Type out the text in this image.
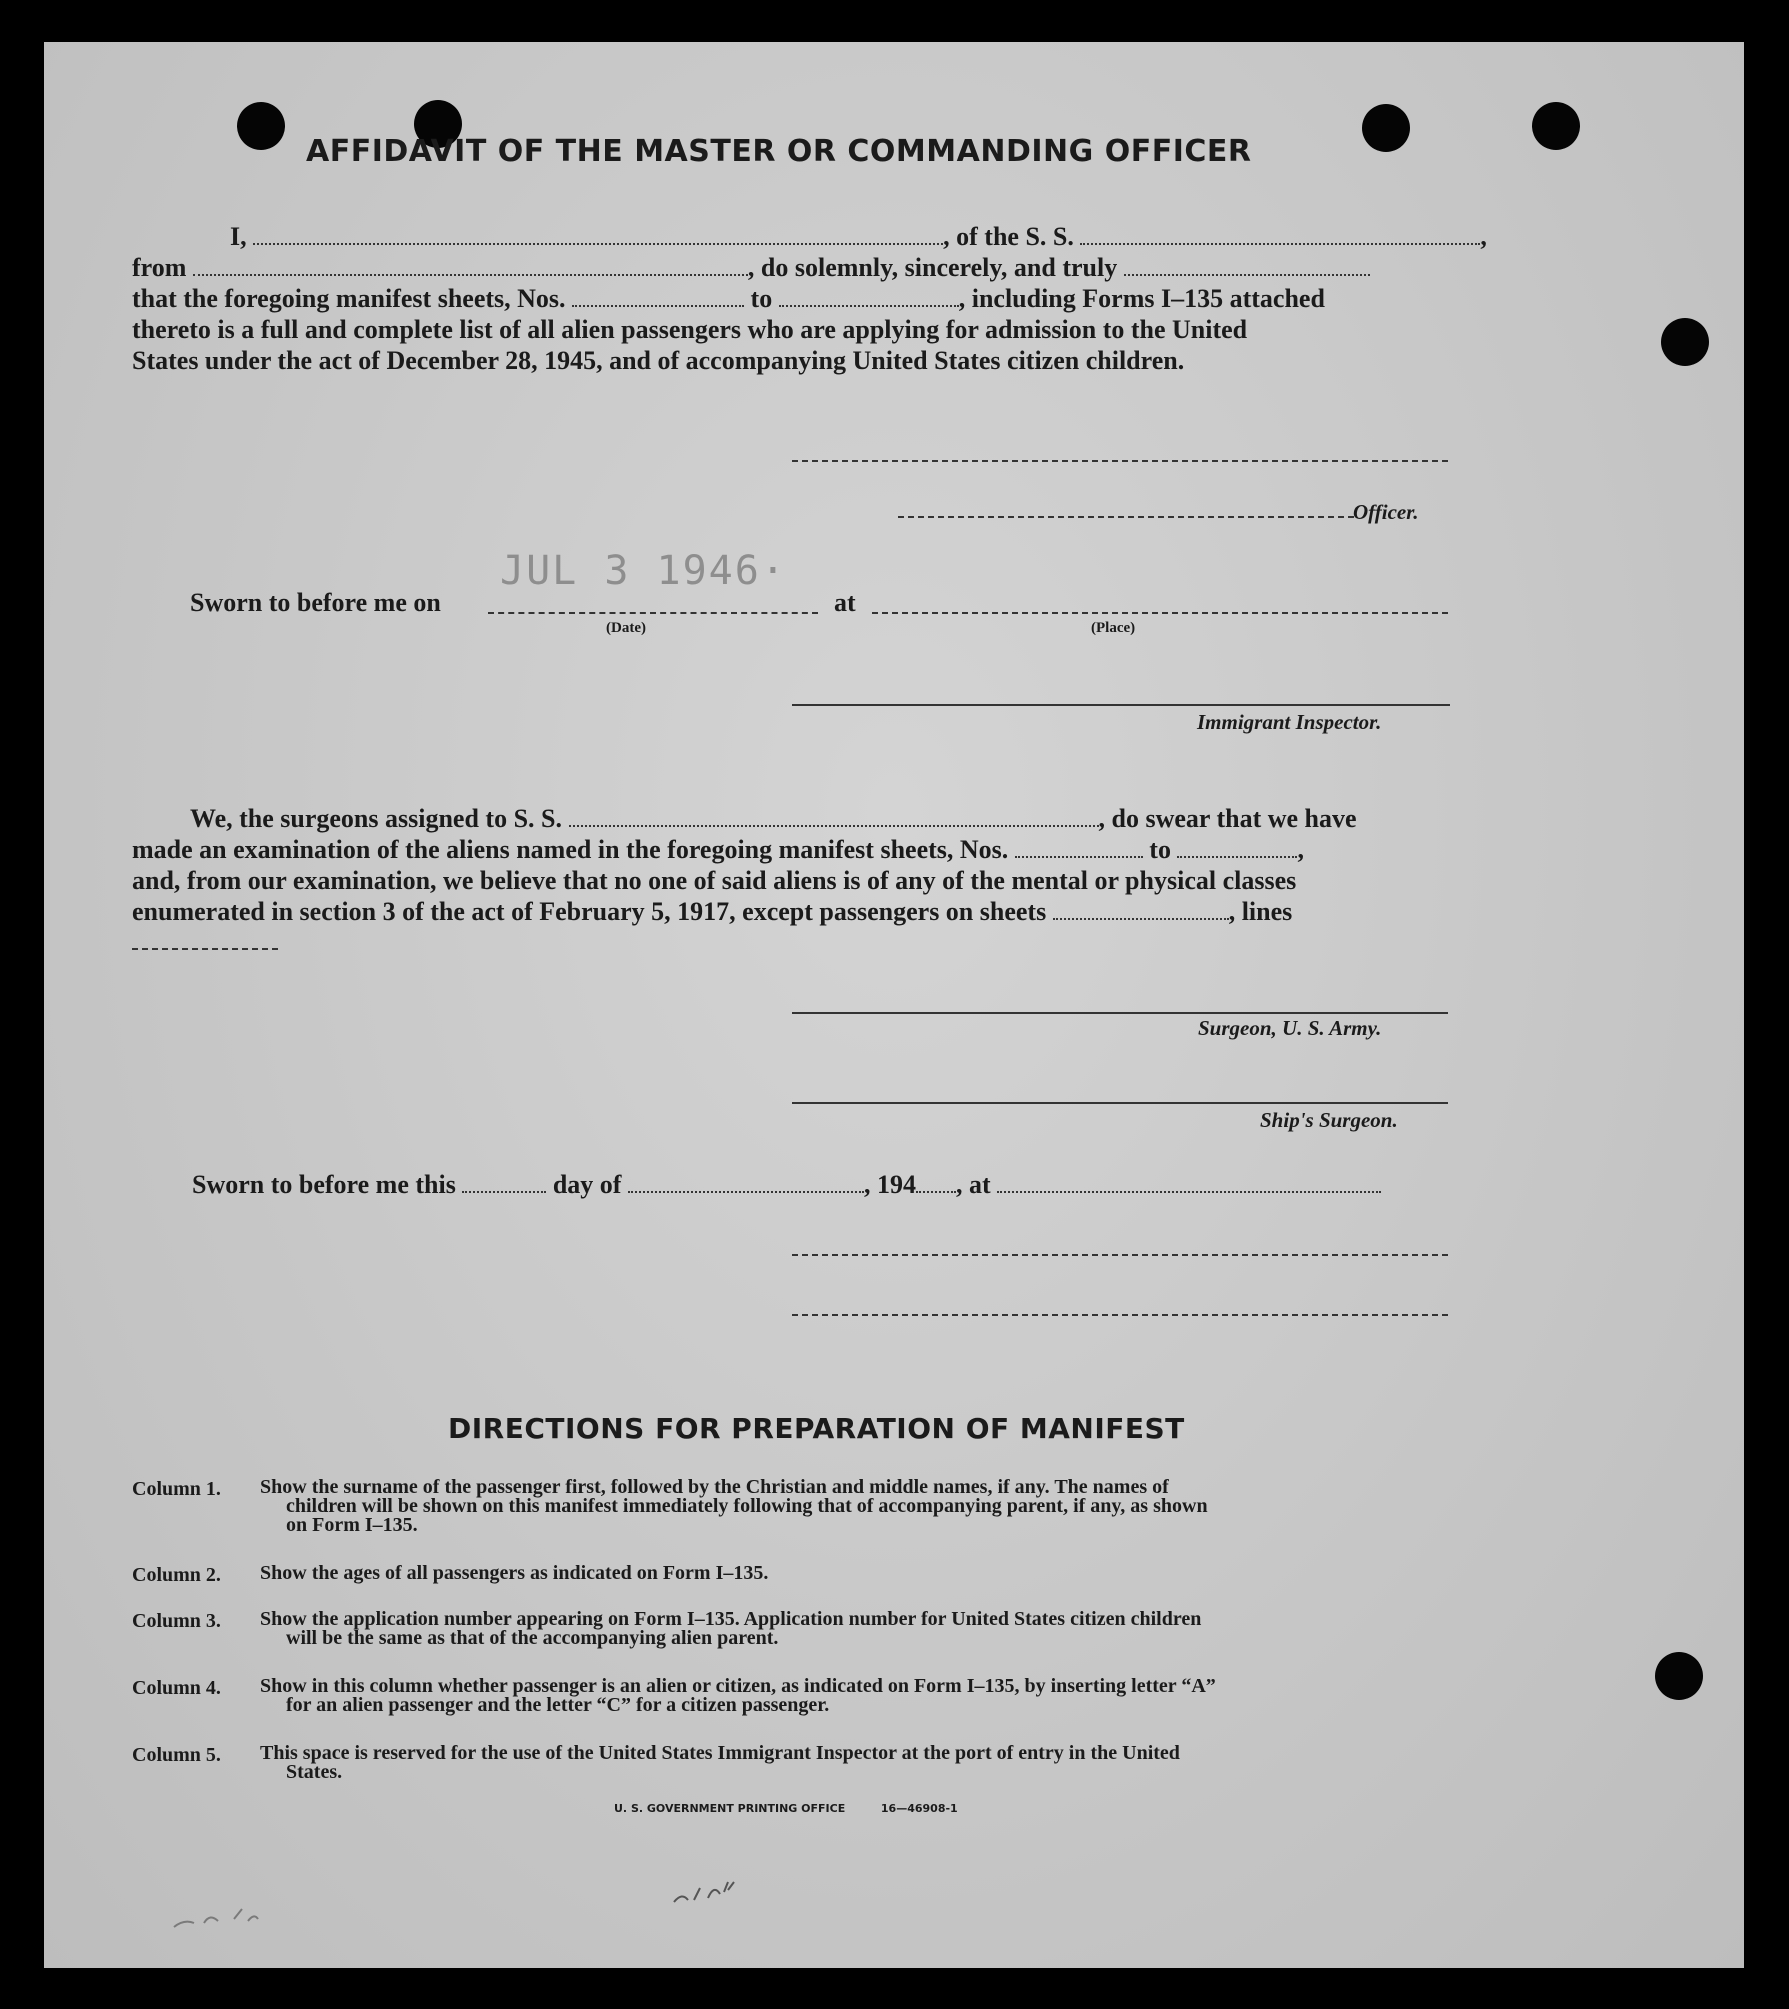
AFFIDAVIT OF THE MASTER OR COMMANDING OFFICER
I,	, of the S. S.	,
from	, do solemnly, sincerely, and truly
that the foregoing manifest sheets, Nos.	to	, including Forms I–135 attached
thereto is a full and complete list of all alien passengers who are applying for admission to the United
States under the act of December 28, 1945, and of accompanying United States citizen children.
Officer.
JUL 3 1946·
Sworn to before me on	at
(Date)	(Place)
Immigrant Inspector.
We, the surgeons assigned to S. S.	, do swear that we have
made an examination of the aliens named in the foregoing manifest sheets, Nos.	to	,
and, from our examination, we believe that no one of said aliens is of any of the mental or physical classes
enumerated in section 3 of the act of February 5, 1917, except passengers on sheets	, lines
Surgeon, U. S. Army.
Ship's Surgeon.
Sworn to before me this	day of	, 194 , at
DIRECTIONS FOR PREPARATION OF MANIFEST
Column 1. Show the surname of the passenger first, followed by the Christian and middle names, if any. The names of
children will be shown on this manifest immediately following that of accompanying parent, if any, as shown
on Form I–135.
Column 2. Show the ages of all passengers as indicated on Form I–135.
Column 3. Show the application number appearing on Form I–135. Application number for United States citizen children
will be the same as that of the accompanying alien parent.
Column 4. Show in this column whether passenger is an alien or citizen, as indicated on Form I–135, by inserting letter “A”
for an alien passenger and the letter “C” for a citizen passenger.
Column 5. This space is reserved for the use of the United States Immigrant Inspector at the port of entry in the United
States.
U. S. GOVERNMENT PRINTING OFFICE	16—46908-1
